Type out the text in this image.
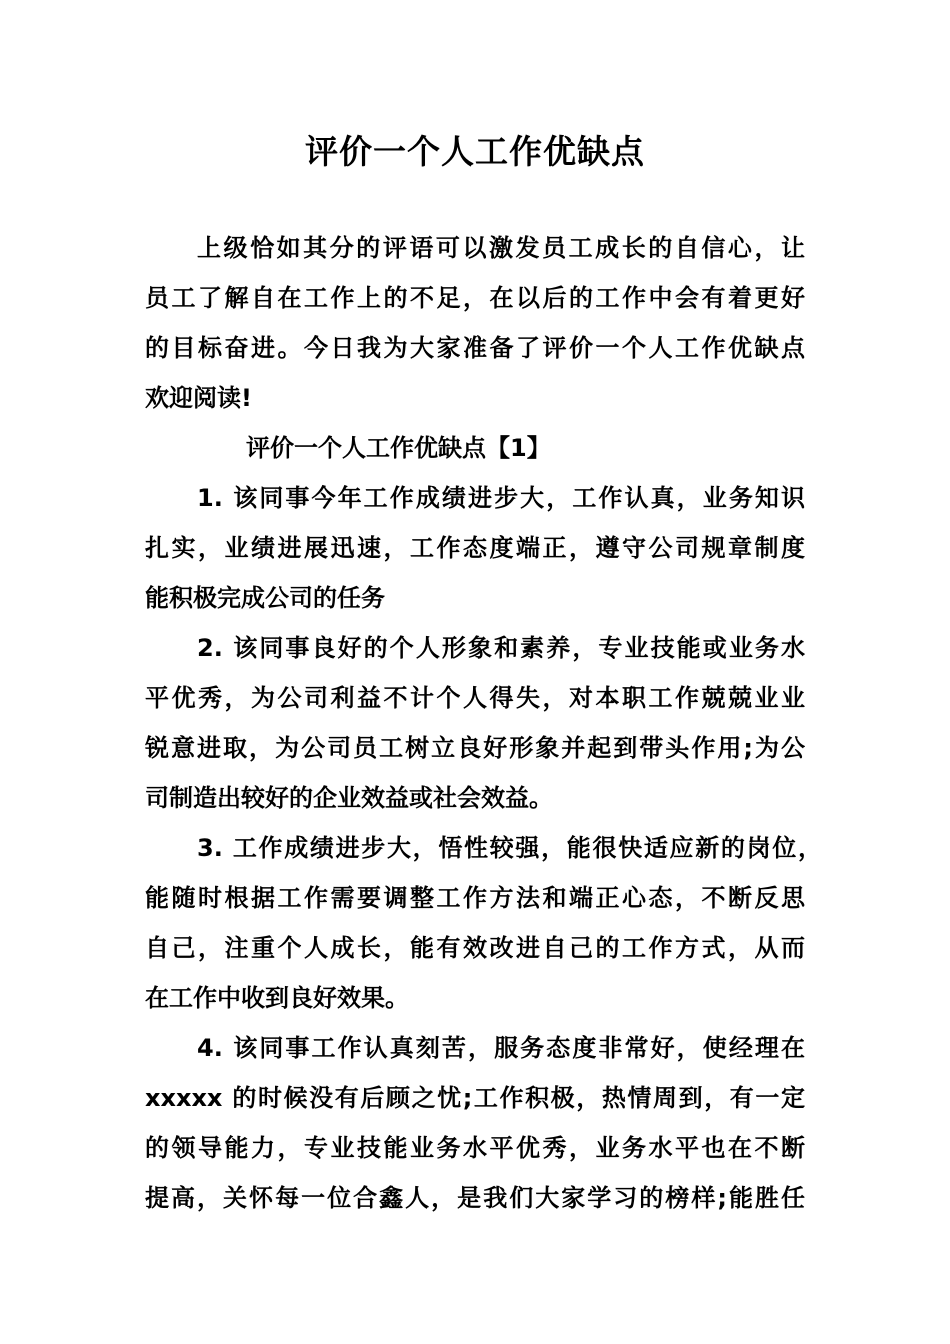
评价一个人工作优缺点
上级恰如其分的评语可以激发员工成长的自信心，让
员工了解自在工作上的不足，在以后的工作中会有着更好
的目标奋进。今日我为大家准备了评价一个人工作优缺点
欢迎阅读!
评价一个人工作优缺点【1】
1. 该同事今年工作成绩进步大，工作认真，业务知识
扎实，业绩进展迅速，工作态度端正，遵守公司规章制度
能积极完成公司的任务
2. 该同事良好的个人形象和素养，专业技能或业务水
平优秀，为公司利益不计个人得失，对本职工作兢兢业业
锐意进取，为公司员工树立良好形象并起到带头作用;为公
司制造出较好的企业效益或社会效益。
3. 工作成绩进步大，悟性较强，能很快适应新的岗位，
能随时根据工作需要调整工作方法和端正心态，不断反思
自己，注重个人成长，能有效改进自己的工作方式，从而
在工作中收到良好效果。
4. 该同事工作认真刻苦，服务态度非常好，使经理在
xxxxx 的时候没有后顾之忧;工作积极，热情周到，有一定
的领导能力，专业技能业务水平优秀，业务水平也在不断
提高，关怀每一位合鑫人，是我们大家学习的榜样;能胜任
